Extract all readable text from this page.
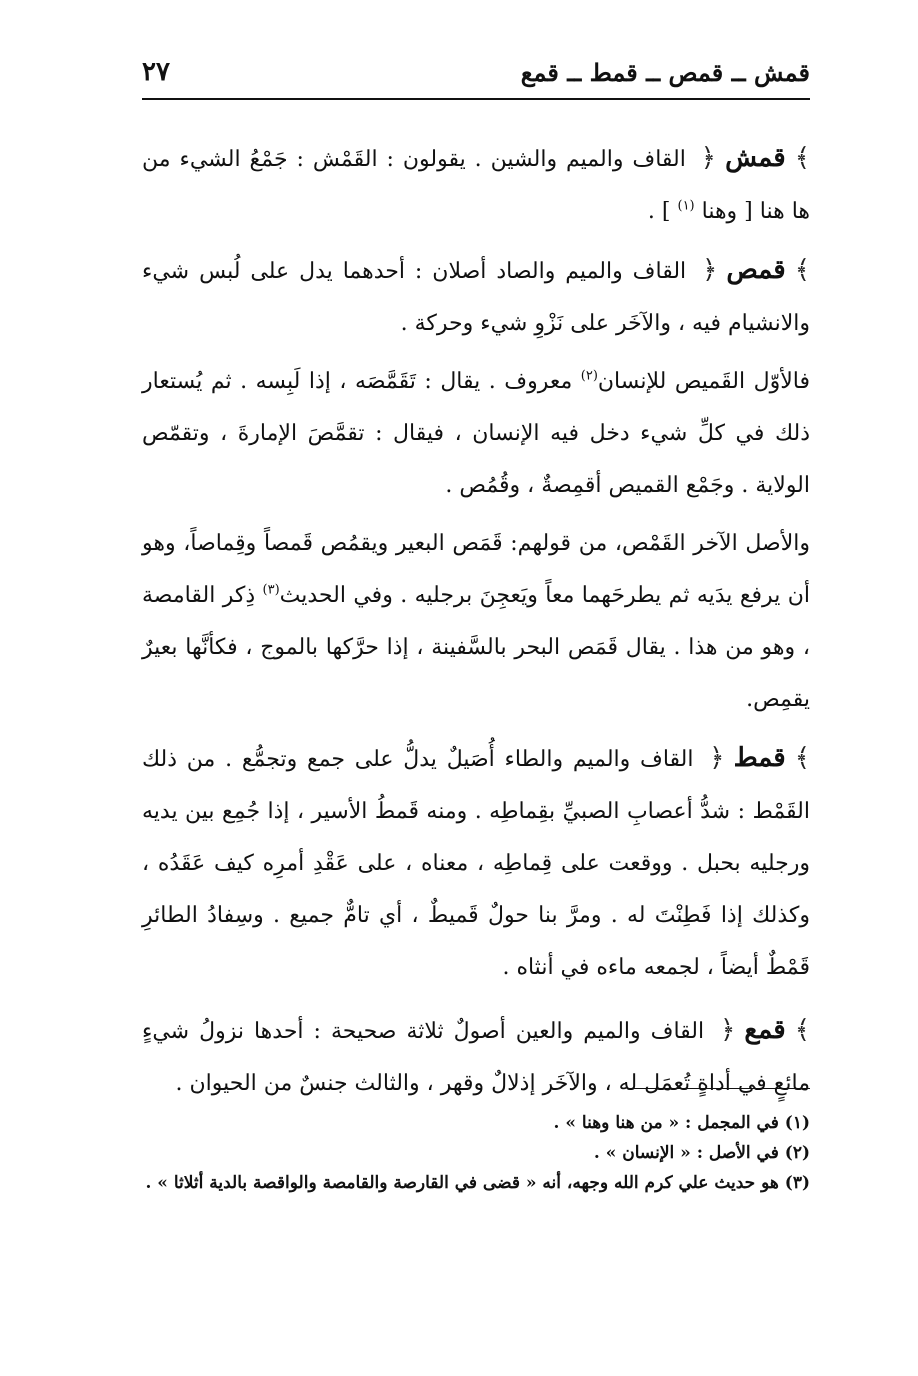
قمش ــ قمص ــ قمط ــ قمع
٢٧

﴾ قمش ﴿ القاف والميم والشين . يقولون : القَمْش : جَمْعُ الشيء من ها هنا [ وهنا $^{(١)}$ ] .

﴾ قمص ﴿ القاف والميم والصاد أصلان : أحدهما يدل على لُبس شيء والانشيام فيه ، والآخَر على نَزْوِ شيء وحركة .

فالأوّل القَميص للإنسان$^{(٢)}$ معروف . يقال : تَقَمَّصَه ، إذا لَبِسه . ثم يُستعار ذلك في كلِّ شيء دخل فيه الإنسان ، فيقال : تقمَّصَ الإمارةَ ، وتقمّص الولاية . وجَمْع القميص أقمِصةٌ ، وقُمُص .

والأصل الآخر القَمْص، من قولهم: قَمَص البعير ويقمُص قَمصاً وقِماصاً، وهو أن يرفع يدَيه ثم يطرحَهما معاً ويَعجِنَ برجليه . وفي الحديث$^{(٣)}$ ذِكر القامصة ، وهو من هذا . يقال قَمَص البحر بالسَّفينة ، إذا حرَّكها بالموج ، فكأنَّها بعيرٌ يقمِص.

﴾ قمط ﴿ القاف والميم والطاء أُصَيلٌ يدلُّ على جمع وتجمُّع . من ذلك القَمْط : شدُّ أعصابِ الصبيِّ بقِماطِه . ومنه قَمطُ الأسير ، إذا جُمِع بين يديه ورجليه بحبل . ووقعت على قِماطِه ، معناه ، على عَقْدِ أمرِه كيف عَقَدُه ، وكذلك إذا فَطِنْتَ له . ومرَّ بنا حولٌ قَميطٌ ، أي تامٌّ جميع . وسِفادُ الطائرِ قَمْطٌ أيضاً ، لجمعه ماءه في أنثاه .

﴾ قمع ﴿ القاف والميم والعين أصولٌ ثلاثة صحيحة : أحدها نزولُ شيءٍ مائعٍ في أداةٍ تُعمَل له ، والآخَر إذلالٌ وقهر ، والثالث جنسٌ من الحيوان .

(١) في المجمل : « من هنا وهنا » .

(٢) في الأصل : « الإنسان » .

(٣) هو حديث علي كرم الله وجهه، أنه « قضى في القارصة والقامصة والواقصة بالدية أثلاثا » .
